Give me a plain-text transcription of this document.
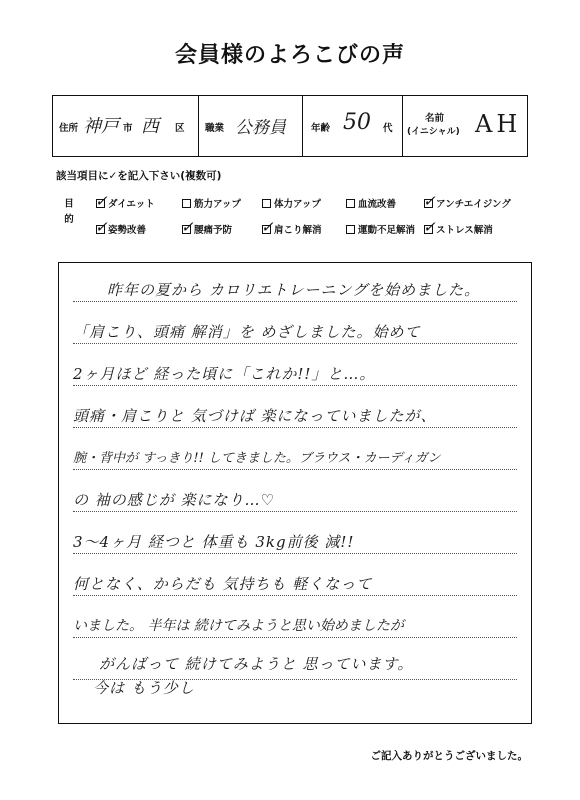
会員様のよろこびの声
住所 神戸 市 西 区 職業 公務員	年齢 50 代
名前
(イニシャル) AH
該当項目に✓を記入下さい(複数可)
目的 ✓ ダイエット	筋力アップ	体力アップ	血流改善 ✓ アンチエイジング
✓ 姿勢改善 ✓ 腰痛予防 ✓ 肩こり解消	運動不足解消 ✓ ストレス解消
昨年の夏から カロリエトレーニングを始めました。
「肩こり、頭痛 解消」を めざしました。始めて
2ヶ月ほど 経った頃に「これか!!」と…。
頭痛・肩こりと 気づけば 楽になっていましたが、
腕・背中が すっきり!! してきました。ブラウス・カーディガン
の 袖の感じが 楽になり…♡
3〜4ヶ月 経つと 体重も 3kg前後 減!!
何となく、からだも 気持ちも 軽くなって
いました。 半年は 続けてみようと思い始めましたが
がんばって 続けてみようと 思っています。
今は もう少し
ご記入ありがとうございました。
